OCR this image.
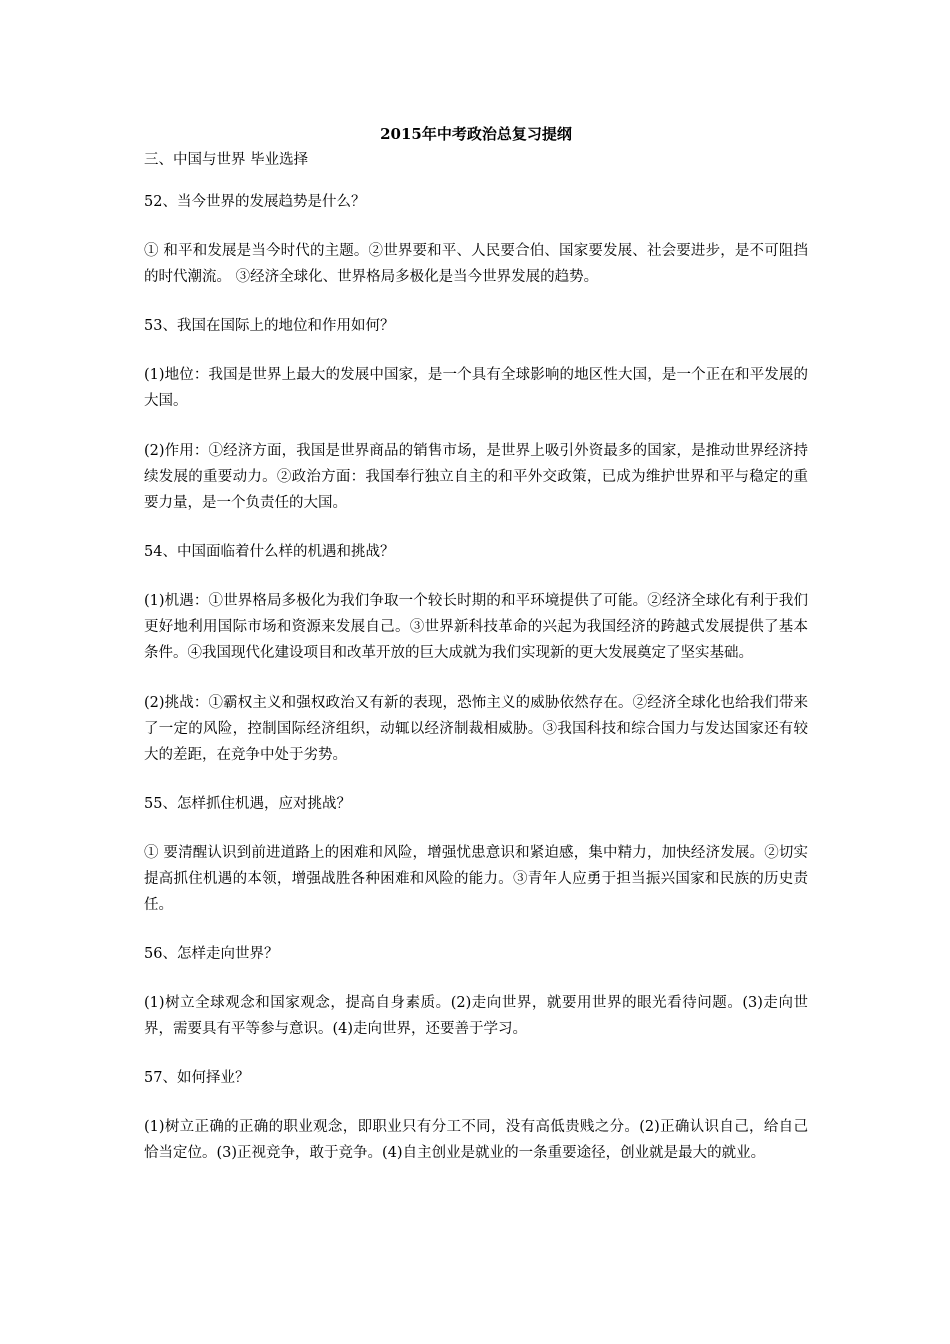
2015年中考政治总复习提纲
三、中国与世界 毕业选择
52、当今世界的发展趋势是什么？
① 和平和发展是当今时代的主题。②世界要和平、人民要合伯、国家要发展、社会要进步，是不可阻挡的时代潮流。 ③经济全球化、世界格局多极化是当今世界发展的趋势。
53、我国在国际上的地位和作用如何？
(1)地位：我国是世界上最大的发展中国家，是一个具有全球影响的地区性大国，是一个正在和平发展的大国。
(2)作用：①经济方面，我国是世界商品的销售市场，是世界上吸引外资最多的国家，是推动世界经济持续发展的重要动力。②政治方面：我国奉行独立自主的和平外交政策，已成为维护世界和平与稳定的重要力量，是一个负责任的大国。
54、中国面临着什么样的机遇和挑战？
(1)机遇：①世界格局多极化为我们争取一个较长时期的和平环境提供了可能。②经济全球化有利于我们更好地利用国际市场和资源来发展自己。③世界新科技革命的兴起为我国经济的跨越式发展提供了基本条件。④我国现代化建设项目和改革开放的巨大成就为我们实现新的更大发展奠定了坚实基础。
(2)挑战：①霸权主义和强权政治又有新的表现，恐怖主义的威胁依然存在。②经济全球化也给我们带来了一定的风险，控制国际经济组织，动辄以经济制裁相威胁。③我国科技和综合国力与发达国家还有较大的差距，在竞争中处于劣势。
55、怎样抓住机遇，应对挑战？
① 要清醒认识到前进道路上的困难和风险，增强忧患意识和紧迫感，集中精力，加快经济发展。②切实提高抓住机遇的本领，增强战胜各种困难和风险的能力。③青年人应勇于担当振兴国家和民族的历史责任。
56、怎样走向世界？
(1)树立全球观念和国家观念，提高自身素质。(2)走向世界，就要用世界的眼光看待问题。(3)走向世界，需要具有平等参与意识。(4)走向世界，还要善于学习。
57、如何择业？
(1)树立正确的正确的职业观念，即职业只有分工不同，没有高低贵贱之分。(2)正确认识自己，给自己恰当定位。(3)正视竞争，敢于竞争。(4)自主创业是就业的一条重要途径，创业就是最大的就业。
